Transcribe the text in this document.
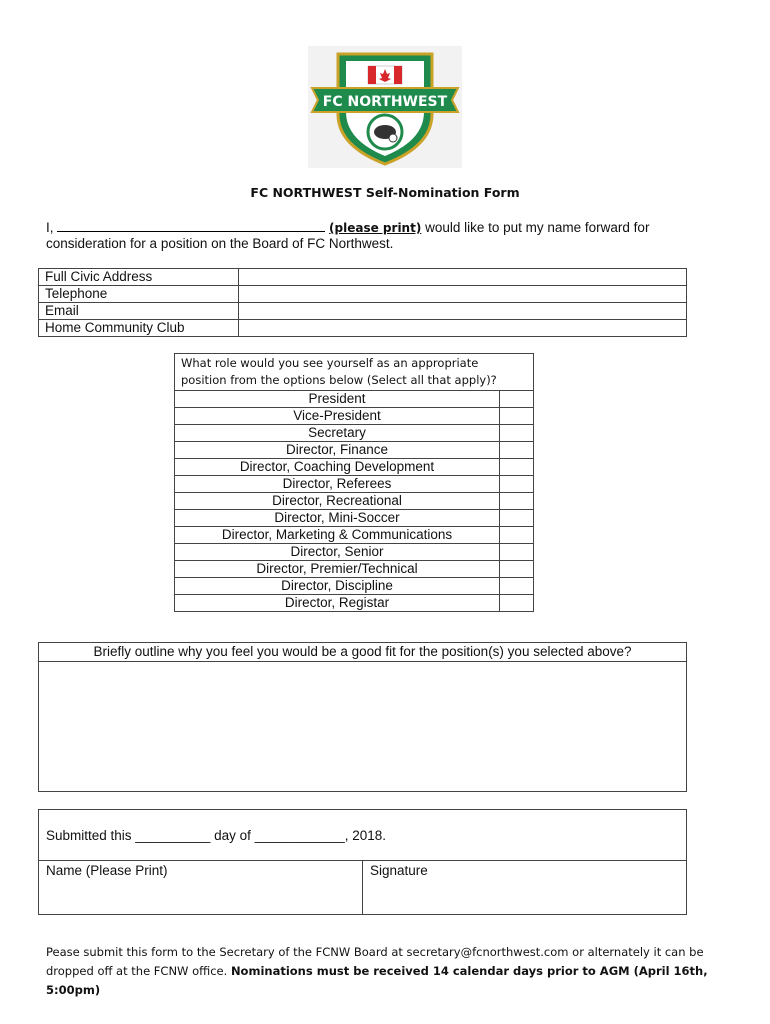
FC NORTHWEST
FC NORTHWEST Self-Nomination Form
I,	(please print) would like to put my name forward for
consideration for a position on the Board of FC Northwest.
Full Civic Address	
Telephone	
Email	
Home Community Club	
What role would you see yourself as an appropriate position from the options below (Select all that apply)?	
President	
Vice-President	
Secretary	
Director, Finance	
Director, Coaching Development	
Director, Referees	
Director, Recreational	
Director, Mini-Soccer	
Director, Marketing & Communications	
Director, Senior	
Director, Premier/Technical	
Director, Discipline	
Director, Registar	
Briefly outline why you feel you would be a good fit for the position(s) you selected above?
Submitted this __________ day of ____________, 2018.
Name (Please Print)	Signature
Pease submit this form to the Secretary of the FCNW Board at secretary@fcnorthwest.com or alternately it can be
dropped off at the FCNW office. Nominations must be received 14 calendar days prior to AGM (April 16th, 5:00pm)
